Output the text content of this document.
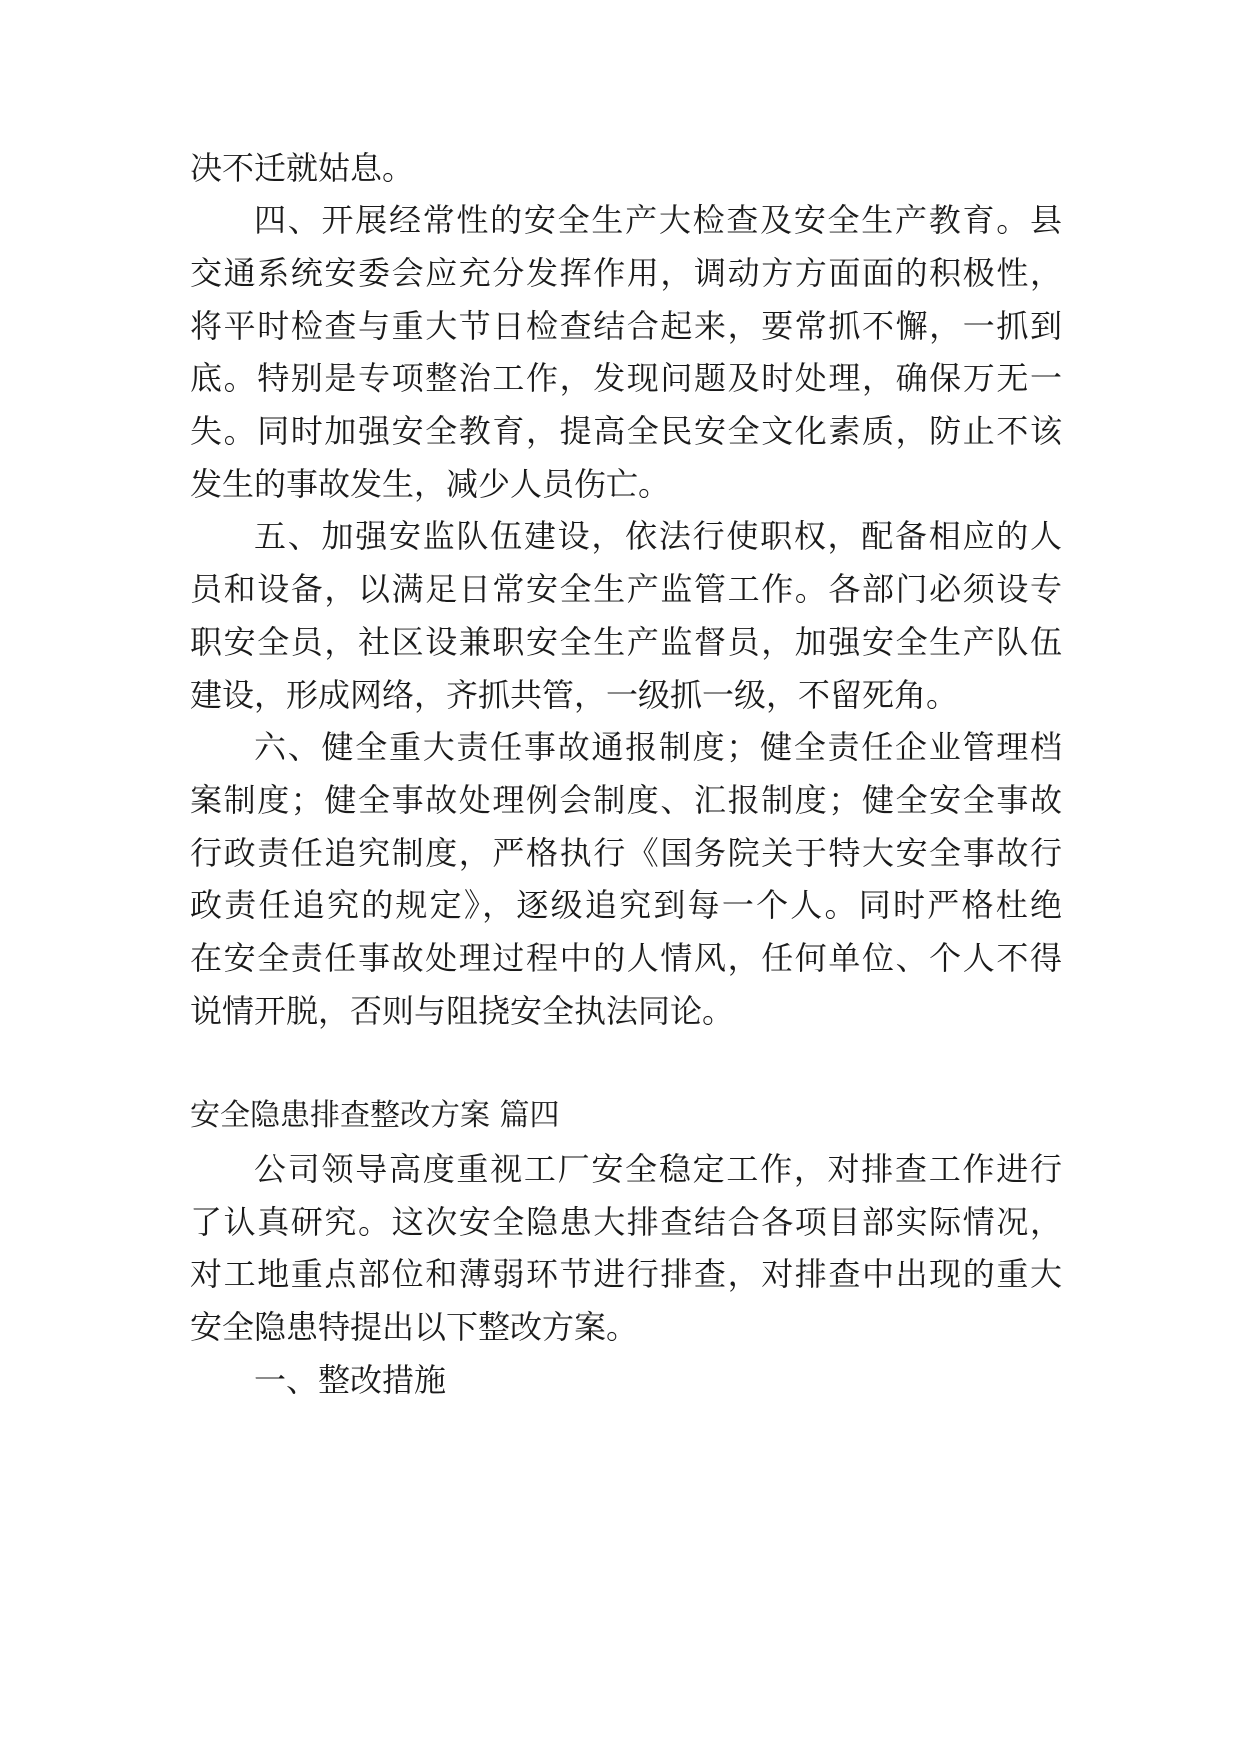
决不迁就姑息。
四、开展经常性的安全生产大检查及安全生产教育。县
交通系统安委会应充分发挥作用，调动方方面面的积极性，
将平时检查与重大节日检查结合起来，要常抓不懈，一抓到
底。特别是专项整治工作，发现问题及时处理，确保万无一
失。同时加强安全教育，提高全民安全文化素质，防止不该
发生的事故发生，减少人员伤亡。
五、加强安监队伍建设，依法行使职权，配备相应的人
员和设备，以满足日常安全生产监管工作。各部门必须设专
职安全员，社区设兼职安全生产监督员，加强安全生产队伍
建设，形成网络，齐抓共管，一级抓一级，不留死角。
六、健全重大责任事故通报制度；健全责任企业管理档
案制度；健全事故处理例会制度、汇报制度；健全安全事故
行政责任追究制度，严格执行《国务院关于特大安全事故行
政责任追究的规定》，逐级追究到每一个人。同时严格杜绝
在安全责任事故处理过程中的人情风，任何单位、个人不得
说情开脱，否则与阻挠安全执法同论。
安全隐患排查整改方案 篇四
公司领导高度重视工厂安全稳定工作，对排查工作进行
了认真研究。这次安全隐患大排查结合各项目部实际情况，
对工地重点部位和薄弱环节进行排查，对排查中出现的重大
安全隐患特提出以下整改方案。
一、整改措施
